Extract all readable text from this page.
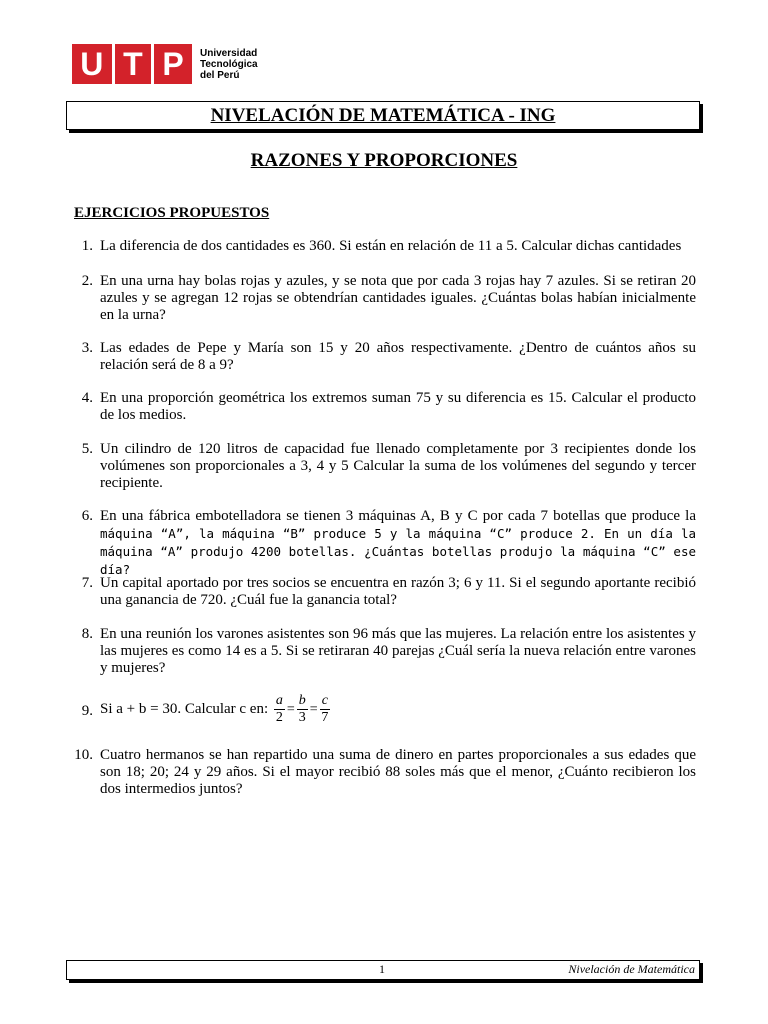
U T P Universidad
Tecnológica
del Perú
NIVELACIÓN DE MATEMÁTICA - ING
RAZONES Y PROPORCIONES
EJERCICIOS PROPUESTOS
1. La diferencia de dos cantidades es 360. Si están en relación de 11 a 5. Calcular dichas cantidades
2. En una urna hay bolas rojas y azules, y se nota que por cada 3 rojas hay 7 azules. Si se retiran 20 azules y se agregan 12 rojas se obtendrían cantidades iguales. ¿Cuántas bolas habían inicialmente en la urna?
3. Las edades de Pepe y María son 15 y 20 años respectivamente. ¿Dentro de cuántos años su relación será de 8 a 9?
4. En una proporción geométrica los extremos suman 75 y su diferencia es 15. Calcular el producto de los medios.
5. Un cilindro de 120 litros de capacidad fue llenado completamente por 3 recipientes donde los volúmenes son proporcionales a 3, 4 y 5 Calcular la suma de los volúmenes del segundo y tercer recipiente.
6. En una fábrica embotelladora se tienen 3 máquinas A, B y C por cada 7 botellas que produce la máquina “A”, la máquina “B” produce 5 y la máquina “C” produce 2. En un día la máquina “A” produjo 4200 botellas. ¿Cuántas botellas produjo la máquina “C” ese día?
7. Un capital aportado por tres socios se encuentra en razón 3; 6 y 11. Si el segundo aportante recibió una ganancia de 720. ¿Cuál fue la ganancia total?
8. En una reunión los varones asistentes son 96 más que las mujeres. La relación entre los asistentes y las mujeres es como 14 es a 5. Si se retiraran 40 parejas ¿Cuál sería la nueva relación entre varones y mujeres?
9. Si a + b = 30. Calcular c en: $\frac{a}{2} = \frac{b}{3} = \frac{c}{7}$
10. Cuatro hermanos se han repartido una suma de dinero en partes proporcionales a sus edades que son 18; 20; 24 y 29 años. Si el mayor recibió 88 soles más que el menor, ¿Cuánto recibieron los dos intermedios juntos?
1	Nivelación de Matemática
